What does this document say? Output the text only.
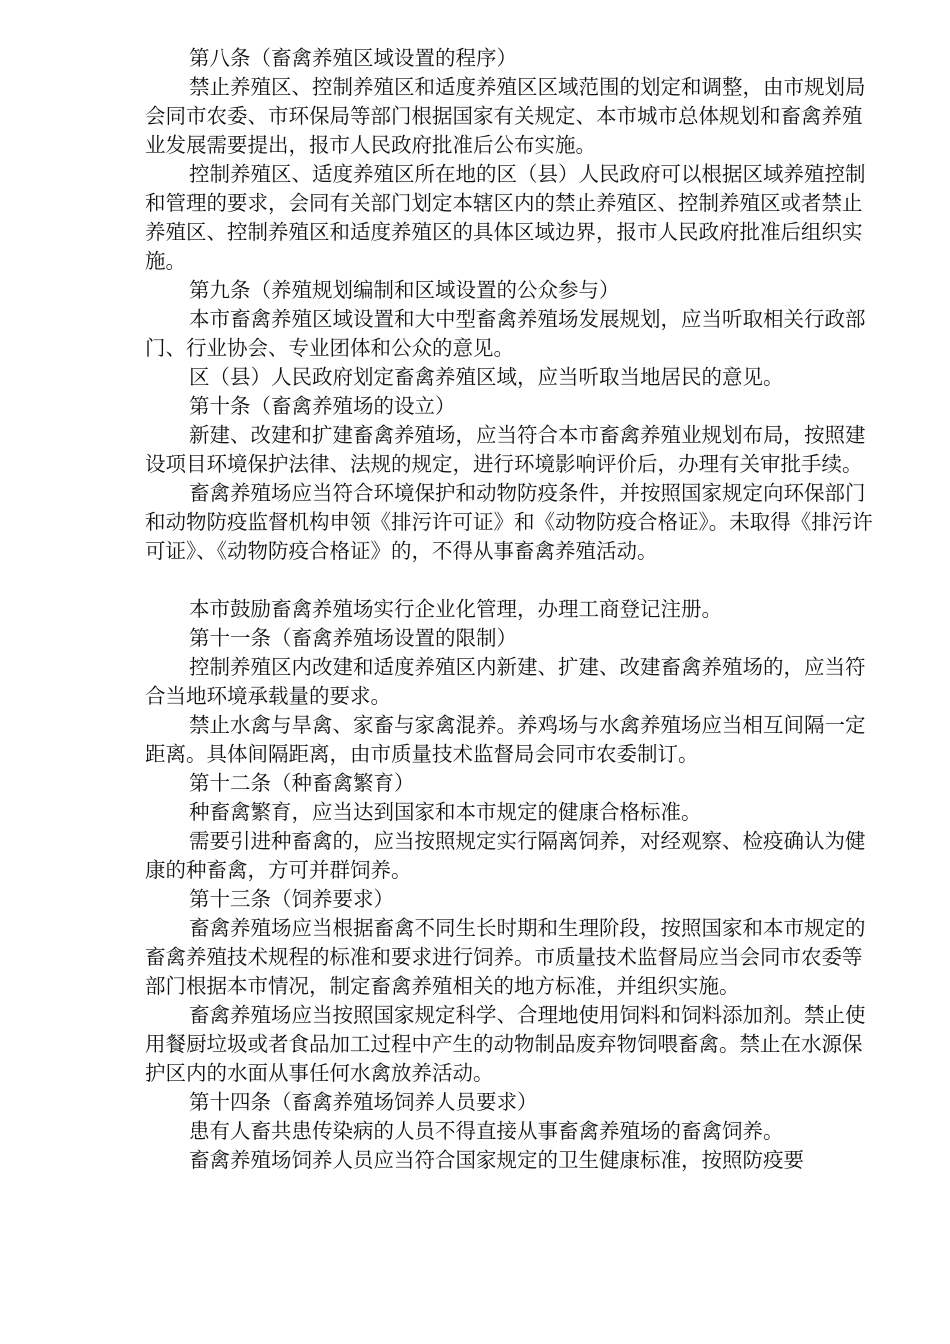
第八条（畜禽养殖区域设置的程序）

禁止养殖区、控制养殖区和适度养殖区区域范围的划定和调整，由市规划局会同市农委、市环保局等部门根据国家有关规定、本市城市总体规划和畜禽养殖业发展需要提出，报市人民政府批准后公布实施。

控制养殖区、适度养殖区所在地的区（县）人民政府可以根据区域养殖控制和管理的要求，会同有关部门划定本辖区内的禁止养殖区、控制养殖区或者禁止养殖区、控制养殖区和适度养殖区的具体区域边界，报市人民政府批准后组织实施。

第九条（养殖规划编制和区域设置的公众参与）

本市畜禽养殖区域设置和大中型畜禽养殖场发展规划，应当听取相关行政部门、行业协会、专业团体和公众的意见。

区（县）人民政府划定畜禽养殖区域，应当听取当地居民的意见。

第十条（畜禽养殖场的设立）

新建、改建和扩建畜禽养殖场，应当符合本市畜禽养殖业规划布局，按照建设项目环境保护法律、法规的规定，进行环境影响评价后，办理有关审批手续。

畜禽养殖场应当符合环境保护和动物防疫条件，并按照国家规定向环保部门和动物防疫监督机构申领《排污许可证》和《动物防疫合格证》。未取得《排污许可证》、《动物防疫合格证》的，不得从事畜禽养殖活动。

本市鼓励畜禽养殖场实行企业化管理，办理工商登记注册。

第十一条（畜禽养殖场设置的限制）

控制养殖区内改建和适度养殖区内新建、扩建、改建畜禽养殖场的，应当符合当地环境承载量的要求。

禁止水禽与旱禽、家畜与家禽混养。养鸡场与水禽养殖场应当相互间隔一定距离。具体间隔距离，由市质量技术监督局会同市农委制订。

第十二条（种畜禽繁育）

种畜禽繁育，应当达到国家和本市规定的健康合格标准。

需要引进种畜禽的，应当按照规定实行隔离饲养，对经观察、检疫确认为健康的种畜禽，方可并群饲养。

第十三条（饲养要求）

畜禽养殖场应当根据畜禽不同生长时期和生理阶段，按照国家和本市规定的畜禽养殖技术规程的标准和要求进行饲养。市质量技术监督局应当会同市农委等部门根据本市情况，制定畜禽养殖相关的地方标准，并组织实施。

畜禽养殖场应当按照国家规定科学、合理地使用饲料和饲料添加剂。禁止使用餐厨垃圾或者食品加工过程中产生的动物制品废弃物饲喂畜禽。禁止在水源保护区内的水面从事任何水禽放养活动。

第十四条（畜禽养殖场饲养人员要求）

患有人畜共患传染病的人员不得直接从事畜禽养殖场的畜禽饲养。

畜禽养殖场饲养人员应当符合国家规定的卫生健康标准，按照防疫要
